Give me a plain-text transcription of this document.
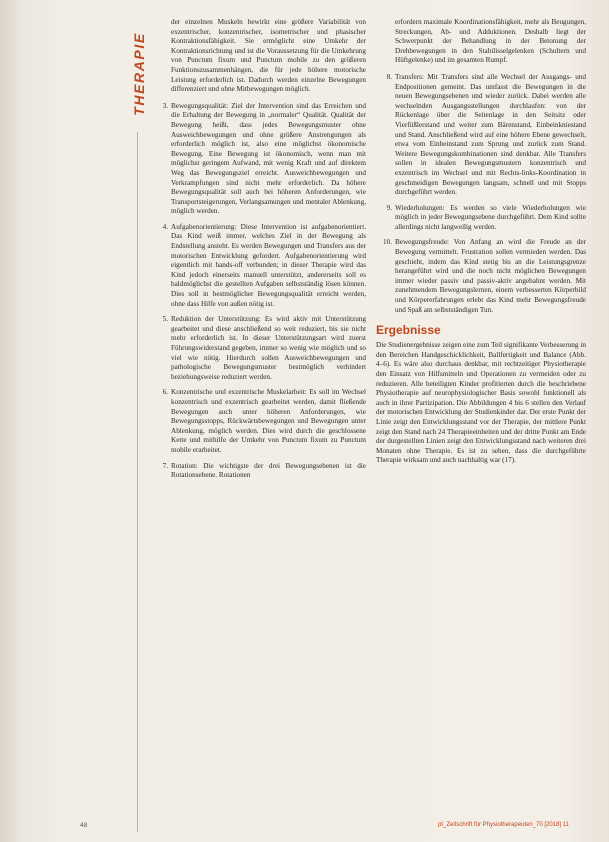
THERAPIE

der einzelnen Muskeln bewirkt eine größere Variabilität von exzentrischer, konzentrischer, isometrischer und phasischer Kontraktionsfähigkeit. Sie ermöglicht eine Umkehr der Kontraktionsrichtung und ist die Voraussetzung für die Umkehrung von Punctum fixum und Punctum mobile zu den größeren Funktionszusammenhängen, die für jede höhere motorische Leistung erforderlich ist. Dadurch werden einzelne Bewegungen differenziert und ohne Mitbewegungen möglich.

3. Bewegungsqualität: Ziel der Intervention sind das Erreichen und die Erhaltung der Bewegung in „normaler“ Qualität. Qualität der Bewegung heißt, dass jedes Bewegungsmuster ohne Ausweichbewegungen und ohne größere Anstrengungen als erforderlich möglich ist, also eine möglichst ökonomische Bewegung. Eine Bewegung ist ökonomisch, wenn man mit möglichst geringem Aufwand, mit wenig Kraft und auf direktem Weg das Bewegungsziel erreicht. Ausweichbewegungen und Verkrampfungen sind nicht mehr erforderlich. Da höhere Bewegungsqualität soll auch bei höheren Anforderungen, wie Transportsteigerungen, Verlangsamungen und mentaler Ablenkung, möglich werden.
4. Aufgabenorientierung: Diese Intervention ist aufgabenorientiert. Das Kind weiß immer, welches Ziel in der Bewegung als Endstellung ansteht. Es werden Bewegungen und Transfers aus der motorischen Entwicklung gefordert. Aufgabenorientierung wird eigentlich mit hands-off verbunden; in dieser Therapie wird das Kind jedoch einerseits manuell unterstützt, andererseits soll es baldmöglichst die gestellten Aufgaben selbstständig lösen können. Dies soll in bestmöglicher Bewegungsqualität erreicht werden, ohne dass Hilfe von außen nötig ist.
5. Reduktion der Unterstützung: Es wird aktiv mit Unterstützung gearbeitet und diese anschließend so weit reduziert, bis sie nicht mehr erforderlich ist. In dieser Unterstützungsart wird zuerst Führungswiderstand gegeben, immer so wenig wie möglich und so viel wie nötig. Hierdurch sollen Ausweichbewegungen und pathologische Bewegungsmuster bestmöglich verhindert beziehungsweise reduziert werden.
6. Konzentrische und exzentrische Muskelarbeit: Es soll im Wechsel konzentrisch und exzentrisch gearbeitet werden, damit fließende Bewegungen auch unter höheren Anforderungen, wie Bewegungsstopps, Rückwärtsbewegungen und Bewegungen unter Ablenkung, möglich werden. Dies wird durch die geschlossene Kette und mithilfe der Umkehr von Punctum fixum zu Punctum mobile erarbeitet.
7. Rotation: Die wichtigste der drei Bewegungsebenen ist die Rotationsebene. Rotationen

erfordern maximale Koordinationsfähigkeit, mehr als Beugungen, Streckungen, Ab- und Adduktionen. Deshalb liegt der Schwerpunkt der Behandlung in der Betonung der Drehbewegungen in den Stabilisselgelenken (Schultern und Hüftgelenke) und im gesamten Rumpf.

8. Transfers: Mit Transfers sind alle Wechsel der Ausgangs- und Endpositionen gemeint. Das umfasst die Bewegungen in die neuen Bewegungsebenen und wieder zurück. Dabei werden alle wechselnden Ausgangsstellungen durchlaufen: von der Rückenlage über die Seitenlage in den Seitsitz oder Vierfüßlerstand und weiter zum Bärenstand, Einbeinkniestand und Stand. Anschließend wird auf eine höhere Ebene gewechselt, etwa vom Einbeinstand zum Sprung und zurück zum Stand. Weitere Bewegungskombinationen sind denkbar. Alle Transfers sollen in idealen Bewegungsmustern konzentrisch und exzentrisch im Wechsel und mit Rechts-links-Koordination in geschmeidigen Bewegungen langsam, schnell und mit Stopps durchgeführt werden.
9. Wiederholungen: Es werden so viele Wiederholungen wie möglich in jeder Bewegungsebene durchgeführt. Dem Kind sollte allerdings nicht langweilig werden.
10. Bewegungsfreude: Von Anfang an wird die Freude an der Bewegung vermittelt. Frustration sollen vermieden werden. Das geschieht, indem das Kind stetig bis an die Leistungsgrenze herangeführt wird und die noch nicht möglichen Bewegungen immer wieder passiv und passiv-aktiv angebahnt werden. Mit zunehmendem Bewegungslernen, einem verbesserten Körperbild und Körpererfahrungen erlebt das Kind mehr Bewegungsfreude und Spaß am selbstständigen Tun.
Ergebnisse

Die Studienergebnisse zeigen eine zum Teil signifikante Verbesserung in den Bereichen Handgeschicklichkeit, Ballfertigkeit und Balance (Abb. 4–6). Es wäre also durchaus denkbar, mit rechtzeitiger Physiotherapie den Einsatz von Hilfsmitteln und Operationen zu vermeiden oder zu reduzieren. Alle beteiligten Kinder profitierten durch die beschriebene Physiotherapie auf neurophysiologischer Basis sowohl funktionell als auch in ihrer Partizipation. Die Abbildungen 4 bis 6 stellen den Verlauf der motorischen Entwicklung der Studienkinder dar. Der erste Punkt der Linie zeigt den Entwicklungsstand vor der Therapie, der mittlere Punkt zeigt den Stand nach 24 Therapieeinheiten und der dritte Punkt am Ende der durgestellten Linien zeigt den Entwicklungsstand nach weiteren drei Monaten ohne Therapie. Es ist zu sehen, dass die durchgeführte Therapie wirksam und auch nachhaltig war (17).

48	pt_Zeitschrift für Physiotherapeuten_70 [2018] 11
